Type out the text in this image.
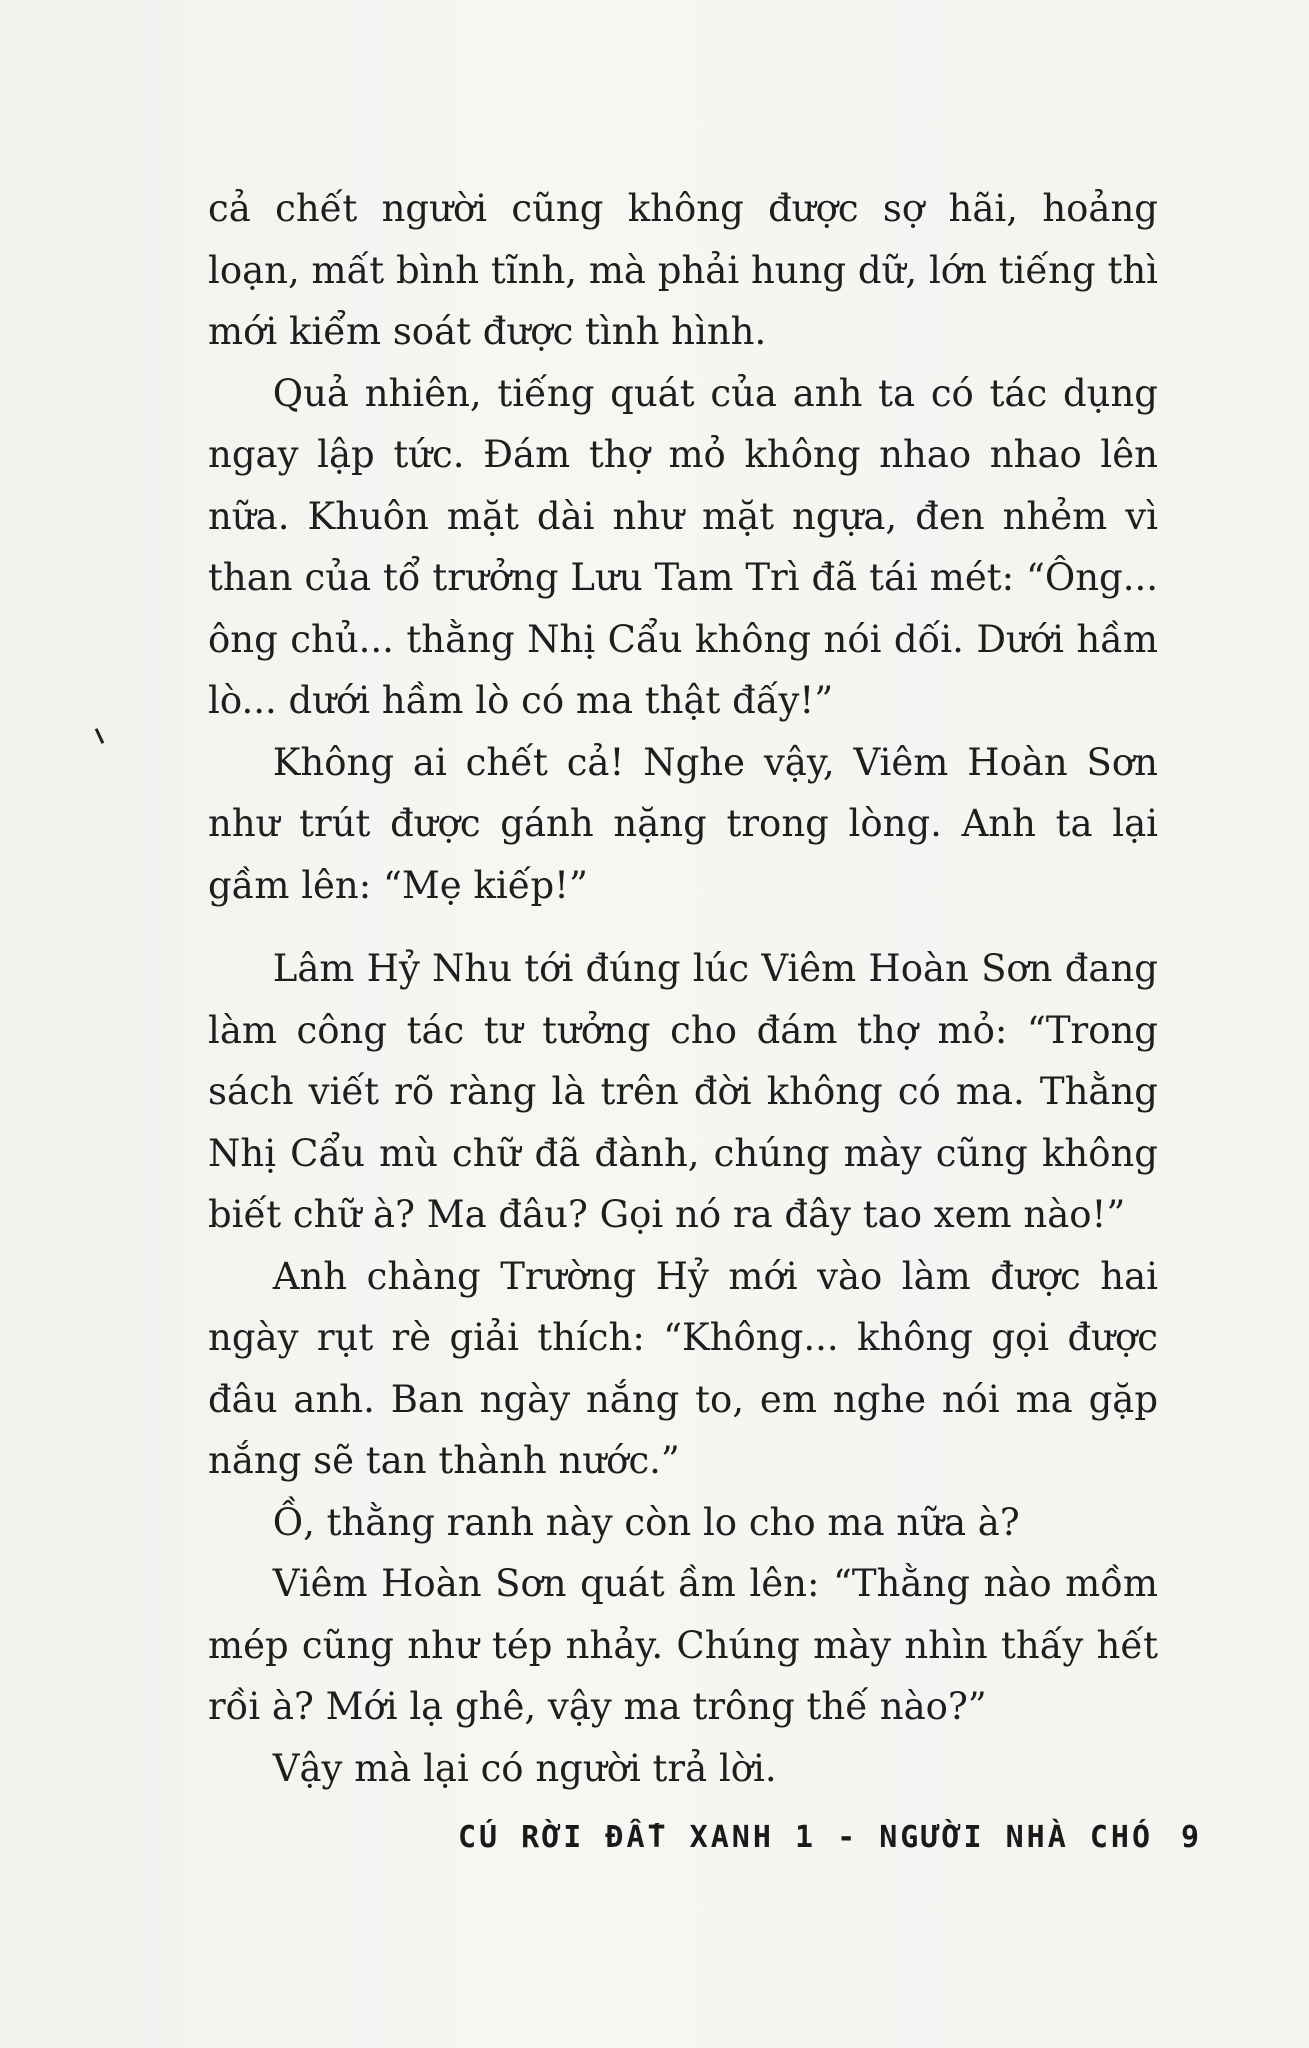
cả chết người cũng không được sợ hãi, hoảng loạn, mất bình tĩnh, mà phải hung dữ, lớn tiếng thì mới kiểm soát được tình hình.

Quả nhiên, tiếng quát của anh ta có tác dụng ngay lập tức. Đám thợ mỏ không nhao nhao lên nữa. Khuôn mặt dài như mặt ngựa, đen nhẻm vì than của tổ trưởng Lưu Tam Trì đã tái mét: “Ông... ông chủ... thằng Nhị Cẩu không nói dối. Dưới hầm lò... dưới hầm lò có ma thật đấy!”

Không ai chết cả! Nghe vậy, Viêm Hoàn Sơn như trút được gánh nặng trong lòng. Anh ta lại gầm lên: “Mẹ kiếp!”

Lâm Hỷ Nhu tới đúng lúc Viêm Hoàn Sơn đang làm công tác tư tưởng cho đám thợ mỏ: “Trong sách viết rõ ràng là trên đời không có ma. Thằng Nhị Cẩu mù chữ đã đành, chúng mày cũng không biết chữ à? Ma đâu? Gọi nó ra đây tao xem nào!”

Anh chàng Trường Hỷ mới vào làm được hai ngày rụt rè giải thích: “Không... không gọi được đâu anh. Ban ngày nắng to, em nghe nói ma gặp nắng sẽ tan thành nước.”

Ồ, thằng ranh này còn lo cho ma nữa à?

Viêm Hoàn Sơn quát ầm lên: “Thằng nào mồm mép cũng như tép nhảy. Chúng mày nhìn thấy hết rồi à? Mới lạ ghê, vậy ma trông thế nào?”

Vậy mà lại có người trả lời.

CÚ RỜI ĐẤT XANH 1 - NGƯỜI NHÀ CHÓ 9
